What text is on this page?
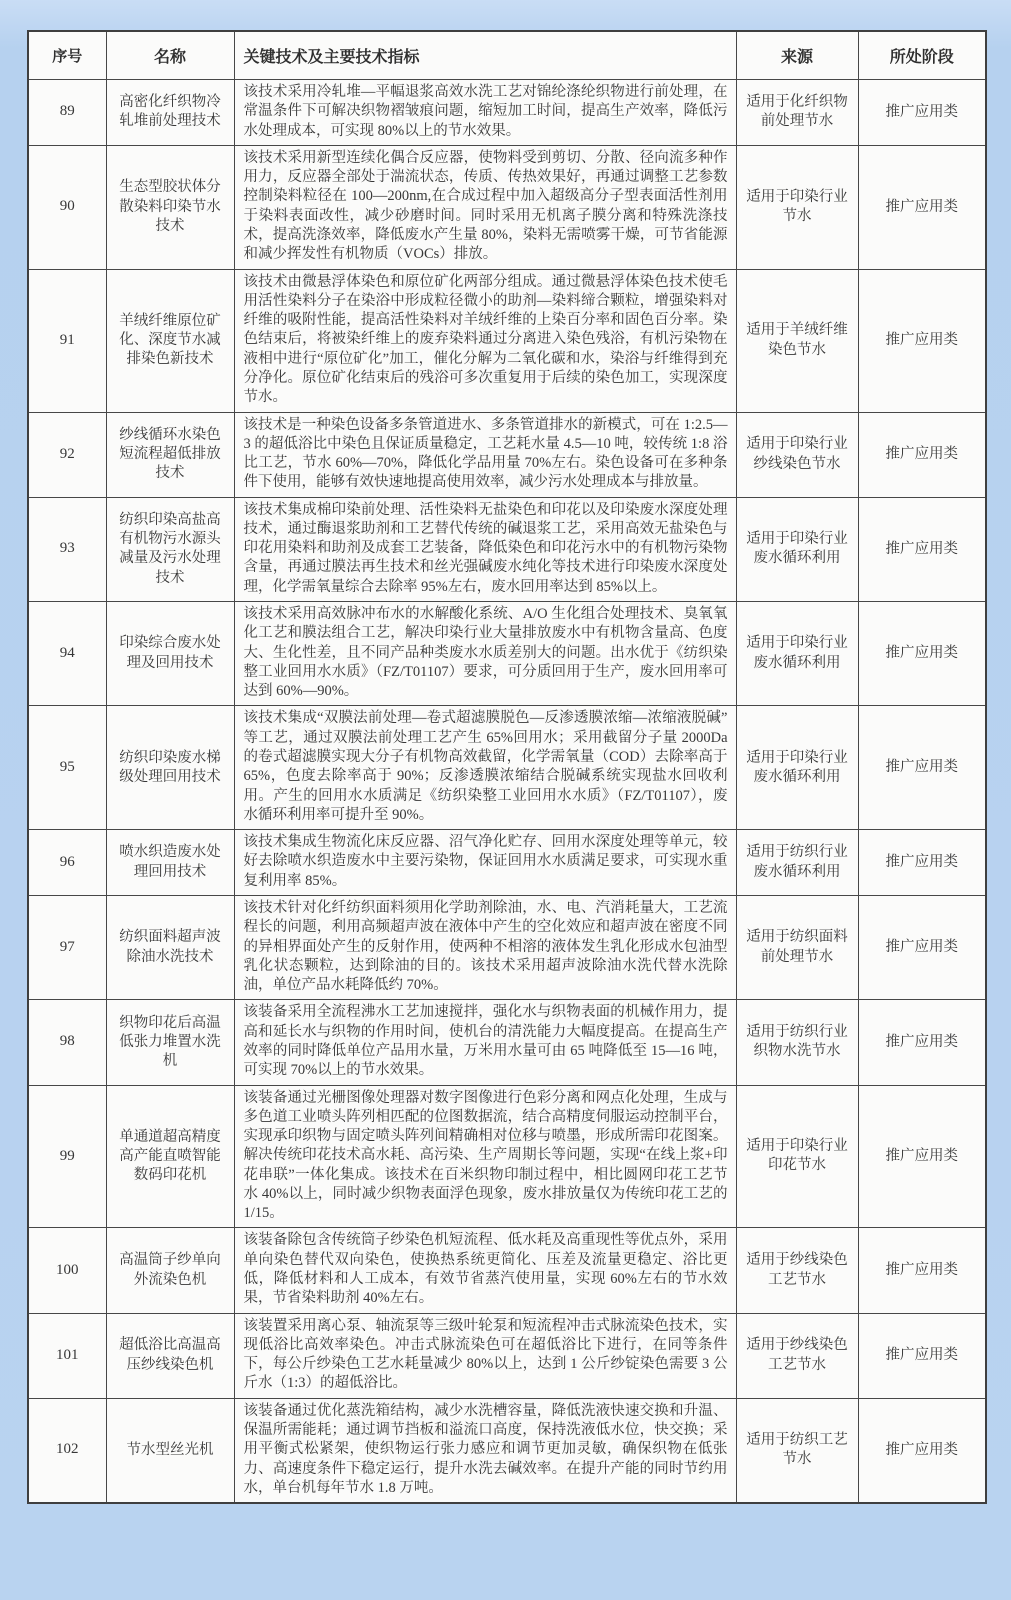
序号	名称	关键技术及主要技术指标	来源	所处阶段
89	高密化纤织物冷轧堆前处理技术	该技术采用冷轧堆—平幅退浆高效水洗工艺对锦纶涤纶织物进行前处理，在常温条件下可解决织物褶皱痕问题，缩短加工时间，提高生产效率，降低污水处理成本，可实现 80%以上的节水效果。	适用于化纤织物前处理节水	推广应用类
90	生态型胶状体分散染料印染节水技术	该技术采用新型连续化偶合反应器，使物料受到剪切、分散、径向流多种作用力，反应器全部处于湍流状态，传质、传热效果好，再通过调整工艺参数控制染料粒径在 100—200nm,在合成过程中加入超级高分子型表面活性剂用于染料表面改性，减少砂磨时间。同时采用无机离子膜分离和特殊洗涤技术，提高洗涤效率，降低废水产生量 80%，染料无需喷雾干燥，可节省能源和减少挥发性有机物质（VOCs）排放。	适用于印染行业节水	推广应用类
91	羊绒纤维原位矿化、深度节水减排染色新技术	该技术由微悬浮体染色和原位矿化两部分组成。通过微悬浮体染色技术使毛用活性染料分子在染浴中形成粒径微小的助剂—染料缔合颗粒，增强染料对纤维的吸附性能，提高活性染料对羊绒纤维的上染百分率和固色百分率。染色结束后，将被染纤维上的废弃染料通过分离进入染色残浴，有机污染物在液相中进行“原位矿化”加工，催化分解为二氧化碳和水，染浴与纤维得到充分净化。原位矿化结束后的残浴可多次重复用于后续的染色加工，实现深度节水。	适用于羊绒纤维染色节水	推广应用类
92	纱线循环水染色短流程超低排放技术	该技术是一种染色设备多条管道进水、多条管道排水的新模式，可在 1:2.5—3 的超低浴比中染色且保证质量稳定，工艺耗水量 4.5—10 吨，较传统 1:8 浴比工艺，节水 60%—70%，降低化学品用量 70%左右。染色设备可在多种条件下使用，能够有效快速地提高使用效率，减少污水处理成本与排放量。	适用于印染行业纱线染色节水	推广应用类
93	纺织印染高盐高有机物污水源头减量及污水处理技术	该技术集成棉印染前处理、活性染料无盐染色和印花以及印染废水深度处理技术，通过酶退浆助剂和工艺替代传统的碱退浆工艺，采用高效无盐染色与印花用染料和助剂及成套工艺装备，降低染色和印花污水中的有机物污染物含量，再通过膜法再生技术和丝光强碱废水纯化等技术进行印染废水深度处理，化学需氧量综合去除率 95%左右，废水回用率达到 85%以上。	适用于印染行业废水循环利用	推广应用类
94	印染综合废水处理及回用技术	该技术采用高效脉冲布水的水解酸化系统、A/O 生化组合处理技术、臭氧氧化工艺和膜法组合工艺，解决印染行业大量排放废水中有机物含量高、色度大、生化性差，且不同产品种类废水水质差别大的问题。出水优于《纺织染整工业回用水水质》（FZ/T01107）要求，可分质回用于生产，废水回用率可达到 60%—90%。	适用于印染行业废水循环利用	推广应用类
95	纺织印染废水梯级处理回用技术	该技术集成“双膜法前处理—卷式超滤膜脱色—反渗透膜浓缩—浓缩液脱碱”等工艺，通过双膜法前处理工艺产生 65%回用水；采用截留分子量 2000Da 的卷式超滤膜实现大分子有机物高效截留，化学需氧量（COD）去除率高于 65%，色度去除率高于 90%；反渗透膜浓缩结合脱碱系统实现盐水回收利用。产生的回用水水质满足《纺织染整工业回用水水质》（FZ/T01107），废水循环利用率可提升至 90%。	适用于印染行业废水循环利用	推广应用类
96	喷水织造废水处理回用技术	该技术集成生物流化床反应器、沼气净化贮存、回用水深度处理等单元，较好去除喷水织造废水中主要污染物，保证回用水水质满足要求，可实现水重复利用率 85%。	适用于纺织行业废水循环利用	推广应用类
97	纺织面料超声波除油水洗技术	该技术针对化纤纺织面料须用化学助剂除油，水、电、汽消耗量大，工艺流程长的问题，利用高频超声波在液体中产生的空化效应和超声波在密度不同的异相界面处产生的反射作用，使两种不相溶的液体发生乳化形成水包油型乳化状态颗粒，达到除油的目的。该技术采用超声波除油水洗代替水洗除油，单位产品水耗降低约 70%。	适用于纺织面料前处理节水	推广应用类
98	织物印花后高温低张力堆置水洗机	该装备采用全流程沸水工艺加速搅拌，强化水与织物表面的机械作用力，提高和延长水与织物的作用时间，使机台的清洗能力大幅度提高。在提高生产效率的同时降低单位产品用水量，万米用水量可由 65 吨降低至 15—16 吨，可实现 70%以上的节水效果。	适用于纺织行业织物水洗节水	推广应用类
99	单通道超高精度高产能直喷智能数码印花机	该装备通过光栅图像处理器对数字图像进行色彩分离和网点化处理，生成与多色道工业喷头阵列相匹配的位图数据流，结合高精度伺服运动控制平台，实现承印织物与固定喷头阵列间精确相对位移与喷墨，形成所需印花图案。解决传统印花技术高水耗、高污染、生产周期长等问题，实现“在线上浆+印花串联”一体化集成。该技术在百米织物印制过程中，相比圆网印花工艺节水 40%以上，同时减少织物表面浮色现象，废水排放量仅为传统印花工艺的 1/15。	适用于印染行业印花节水	推广应用类
100	高温筒子纱单向外流染色机	该装备除包含传统筒子纱染色机短流程、低水耗及高重现性等优点外，采用单向染色替代双向染色，使换热系统更简化、压差及流量更稳定、浴比更低，降低材料和人工成本，有效节省蒸汽使用量，实现 60%左右的节水效果，节省染料助剂 40%左右。	适用于纱线染色工艺节水	推广应用类
101	超低浴比高温高压纱线染色机	该装置采用离心泵、轴流泵等三级叶轮泵和短流程冲击式脉流染色技术，实现低浴比高效率染色。冲击式脉流染色可在超低浴比下进行，在同等条件下，每公斤纱染色工艺水耗量减少 80%以上，达到 1 公斤纱锭染色需要 3 公斤水（1:3）的超低浴比。	适用于纱线染色工艺节水	推广应用类
102	节水型丝光机	该装备通过优化蒸洗箱结构，减少水洗槽容量，降低洗液快速交换和升温、保温所需能耗；通过调节挡板和溢流口高度，保持洗液低水位，快交换；采用平衡式松紧架，使织物运行张力感应和调节更加灵敏，确保织物在低张力、高速度条件下稳定运行，提升水洗去碱效率。在提升产能的同时节约用水，单台机每年节水 1.8 万吨。	适用于纺织工艺节水	推广应用类
